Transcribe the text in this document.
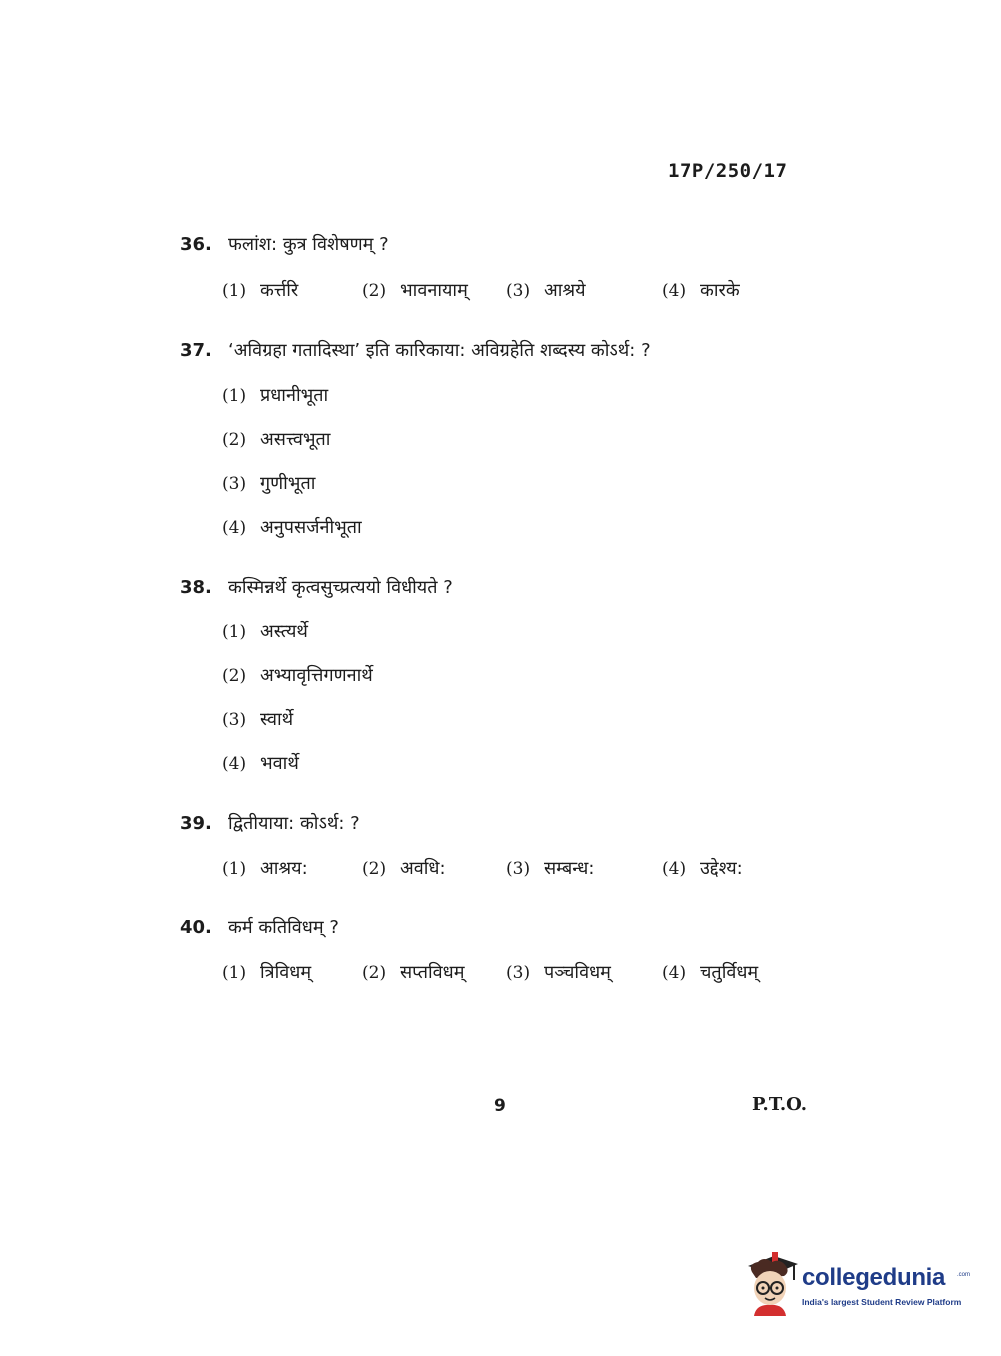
17P/250/17
36. फलांश: कुत्र विशेषणम् ?
(1) कर्त्तरि	(2) भावनायाम् (3) आश्रये	(4) कारके
37. ‘अविग्रहा गतादिस्था’ इति कारिकाया: अविग्रहेति शब्दस्य कोऽर्थ: ?
(1) प्रधानीभूता
(2) असत्त्वभूता
(3) गुणीभूता
(4) अनुपसर्जनीभूता
38. कस्मिन्नर्थे कृत्वसुच्प्रत्ययो विधीयते ?
(1) अस्त्यर्थे
(2) अभ्यावृत्तिगणनार्थे
(3) स्वार्थे
(4) भवार्थे
39. द्वितीयाया: कोऽर्थ: ?
(1) आश्रय:	(2) अवधि:	(3) सम्बन्ध:	(4) उद्देश्य:
40. कर्म कतिविधम् ?
(1) त्रिविधम्	(2) सप्तविधम् (3) पञ्चविधम्	(4) चतुर्विधम्
9	P.T.O.
collegedunia .com
India's largest Student Review Platform
